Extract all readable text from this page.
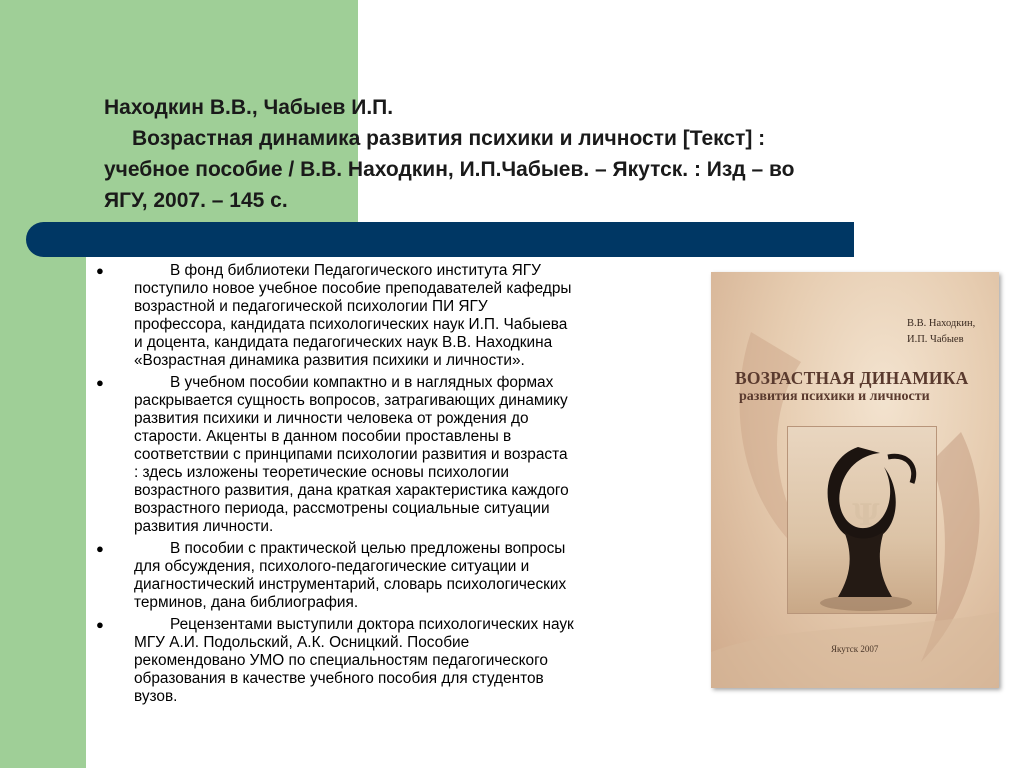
Находкин В.В., Чабыев И.П.
Возрастная динамика развития психики и личности [Текст] :
учебное пособие / В.В. Находкин, И.П.Чабыев. – Якутск. : Изд – во
ЯГУ, 2007. – 145 с.
●	В фонд библиотеки Педагогического института ЯГУ
поступило новое учебное пособие преподавателей кафедры
возрастной и педагогической психологии ПИ ЯГУ
профессора, кандидата психологических наук И.П. Чабыева
и доцента, кандидата педагогических наук В.В. Находкина
«Возрастная динамика развития психики и личности».
●	В учебном пособии компактно и в наглядных формах
раскрывается сущность вопросов, затрагивающих динамику
развития психики и личности человека от рождения до
старости. Акценты в данном пособии проставлены в
соответствии с принципами психологии развития и возраста
: здесь изложены теоретические основы психологии
возрастного развития, дана краткая характеристика каждого
возрастного периода, рассмотрены социальные ситуации
развития личности.
●	В пособии с практической целью предложены вопросы
для обсуждения, психолого-педагогические ситуации и
диагностический инструментарий, словарь психологических
терминов, дана библиография.
●	Рецензентами выступили доктора психологических наук
МГУ А.И. Подольский, А.К. Осницкий. Пособие
рекомендовано УМО по специальностям педагогического
образования в качестве учебного пособия для студентов
вузов.
В.В. Находкин,
И.П. Чабыев
ВОЗРАСТНАЯ ДИНАМИКА
развития психики и личности
Ψ
Якутск 2007
